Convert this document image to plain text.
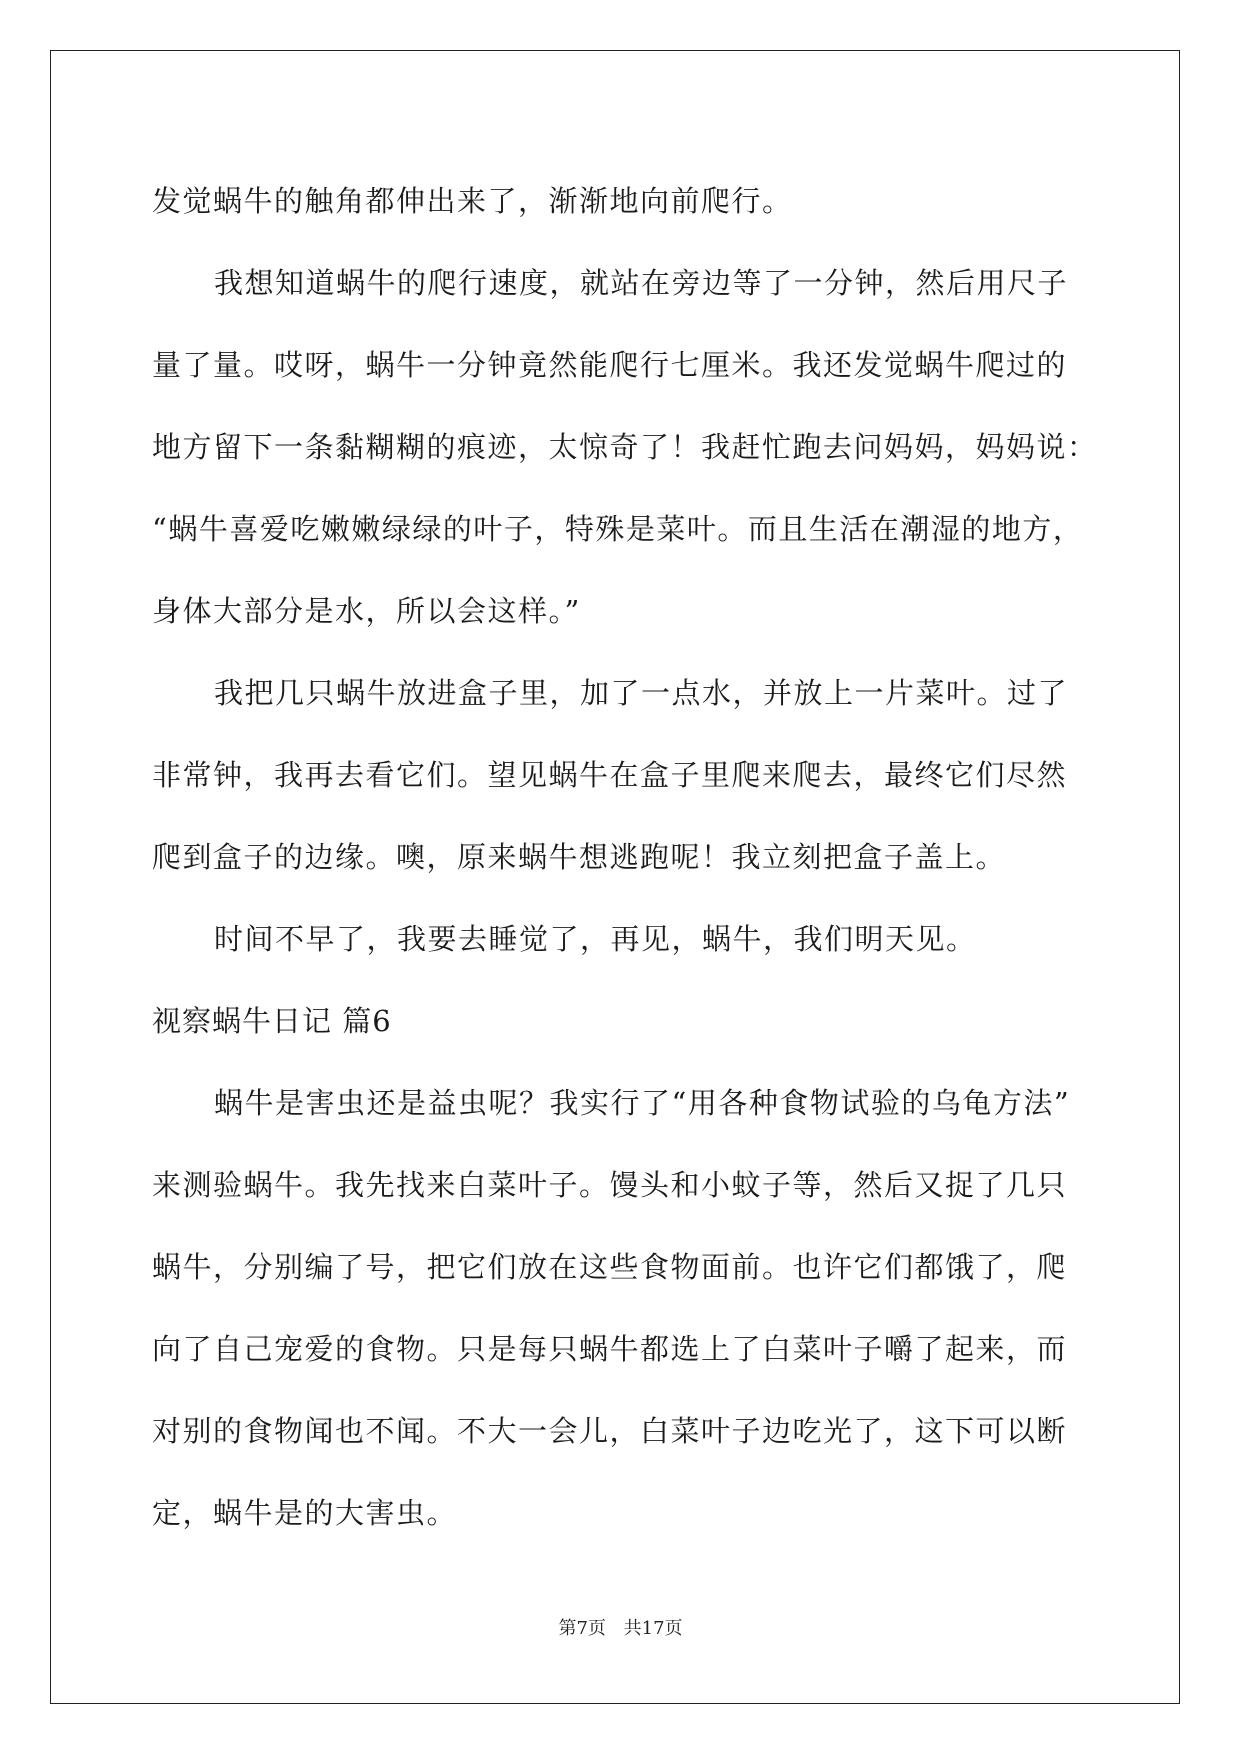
发觉蜗牛的触角都伸出来了，渐渐地向前爬行。
我想知道蜗牛的爬行速度，就站在旁边等了一分钟，然后用尺子
量了量。哎呀，蜗牛一分钟竟然能爬行七厘米。我还发觉蜗牛爬过的
地方留下一条黏糊糊的痕迹，太惊奇了！我赶忙跑去问妈妈，妈妈说：
“蜗牛喜爱吃嫩嫩绿绿的叶子，特殊是菜叶。而且生活在潮湿的地方，
身体大部分是水，所以会这样。”
我把几只蜗牛放进盒子里，加了一点水，并放上一片菜叶。过了
非常钟，我再去看它们。望见蜗牛在盒子里爬来爬去，最终它们尽然
爬到盒子的边缘。噢，原来蜗牛想逃跑呢！我立刻把盒子盖上。
时间不早了，我要去睡觉了，再见，蜗牛，我们明天见。
视察蜗牛日记 篇6
蜗牛是害虫还是益虫呢？我实行了“用各种食物试验的乌龟方法”
来测验蜗牛。我先找来白菜叶子。馒头和小蚊子等，然后又捉了几只
蜗牛，分别编了号，把它们放在这些食物面前。也许它们都饿了，爬
向了自己宠爱的食物。只是每只蜗牛都选上了白菜叶子嚼了起来，而
对别的食物闻也不闻。不大一会儿，白菜叶子边吃光了，这下可以断
定，蜗牛是的大害虫。
第7页 共17页
